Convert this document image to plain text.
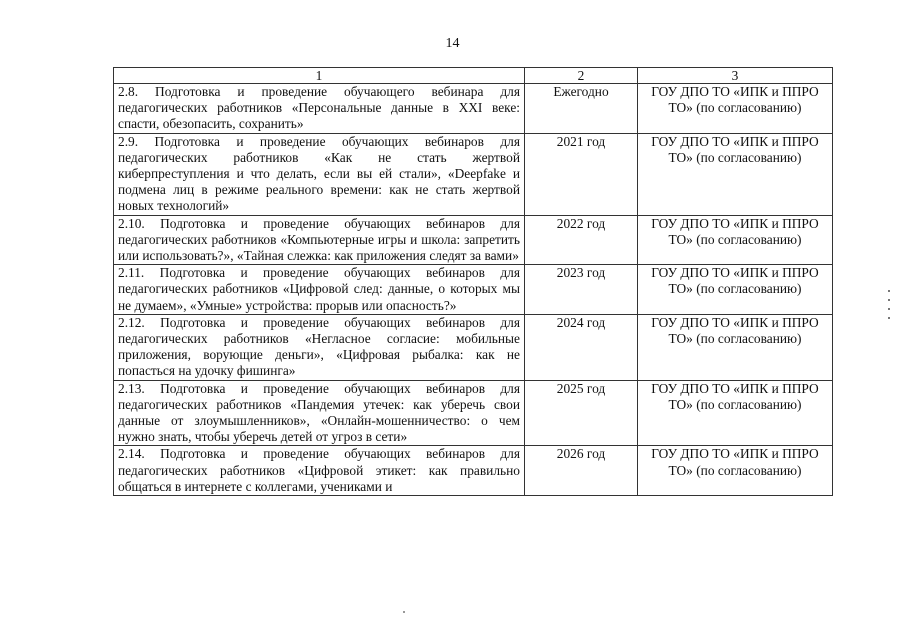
14
1	2	3
2.8. Подготовка и проведение обучающего вебинара для педагогических работников «Персональные данные в XXI веке: спасти, обезопасить, сохранить»	Ежегодно	ГОУ ДПО ТО «ИПК и ППРО ТО» (по согласованию)
2.9. Подготовка и проведение обучающих вебинаров для педагогических работников «Как не стать жертвой киберпреступления и что делать, если вы ей стали», «Deepfake и подмена лиц в режиме реального времени: как не стать жертвой новых технологий»	2021 год	ГОУ ДПО ТО «ИПК и ППРО ТО» (по согласованию)
2.10. Подготовка и проведение обучающих вебинаров для педагогических работников «Компьютерные игры и школа: запретить или использовать?», «Тайная слежка: как приложения следят за вами»	2022 год	ГОУ ДПО ТО «ИПК и ППРО ТО» (по согласованию)
2.11. Подготовка и проведение обучающих вебинаров для педагогических работников «Цифровой след: данные, о которых мы не думаем», «Умные» устройства: прорыв или опасность?»	2023 год	ГОУ ДПО ТО «ИПК и ППРО ТО» (по согласованию)
2.12. Подготовка и проведение обучающих вебинаров для педагогических работников «Негласное согласие: мобильные приложения, ворующие деньги», «Цифровая рыбалка: как не попасться на удочку фишинга»	2024 год	ГОУ ДПО ТО «ИПК и ППРО ТО» (по согласованию)
2.13. Подготовка и проведение обучающих вебинаров для педагогических работников «Пандемия утечек: как уберечь свои данные от злоумышленников», «Онлайн-мошенничество: о чем нужно знать, чтобы уберечь детей от угроз в сети»	2025 год	ГОУ ДПО ТО «ИПК и ППРО ТО» (по согласованию)
2.14. Подготовка и проведение обучающих вебинаров для педагогических работников «Цифровой этикет: как правильно общаться в интернете с коллегами, учениками и	2026 год	ГОУ ДПО ТО «ИПК и ППРО ТО» (по согласованию)
